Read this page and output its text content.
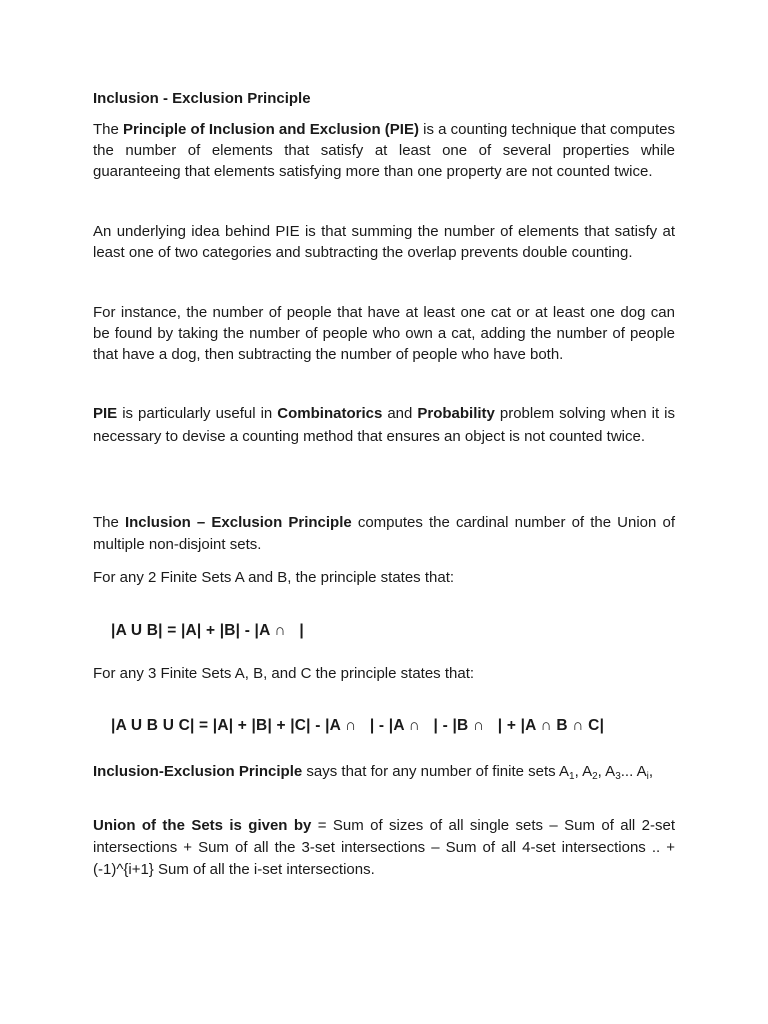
Inclusion - Exclusion Principle
The Principle of Inclusion and Exclusion (PIE) is a counting technique that computes the number of elements that satisfy at least one of several properties while guaranteeing that elements satisfying more than one property are not counted twice.
An underlying idea behind PIE is that summing the number of elements that satisfy at least one of two categories and subtracting the overlap prevents double counting.
For instance, the number of people that have at least one cat or at least one dog can be found by taking the number of people who own a cat, adding the number of people that have a dog, then subtracting the number of people who have both.
PIE is particularly useful in Combinatorics and Probability problem solving when it is necessary to devise a counting method that ensures an object is not counted twice.
The Inclusion – Exclusion Principle computes the cardinal number of the Union of multiple non-disjoint sets.
For any 2 Finite Sets A and B, the principle states that:

|A U B| = |A| + |B| - |A ∩   |

For any 3 Finite Sets A, B, and C the principle states that:

|A U B U C| = |A| + |B| + |C| - |A ∩   | - |A ∩   | - |B ∩   | + |A ∩ B ∩ C|

Inclusion-Exclusion Principle says that for any number of finite sets $A_1$, $A_2$, $A_3$... $A_i$,
Union of the Sets is given by = Sum of sizes of all single sets – Sum of all 2-set intersections + Sum of all the 3-set intersections – Sum of all 4-set intersections .. + (-1)^{i+1} Sum of all the i-set intersections.
